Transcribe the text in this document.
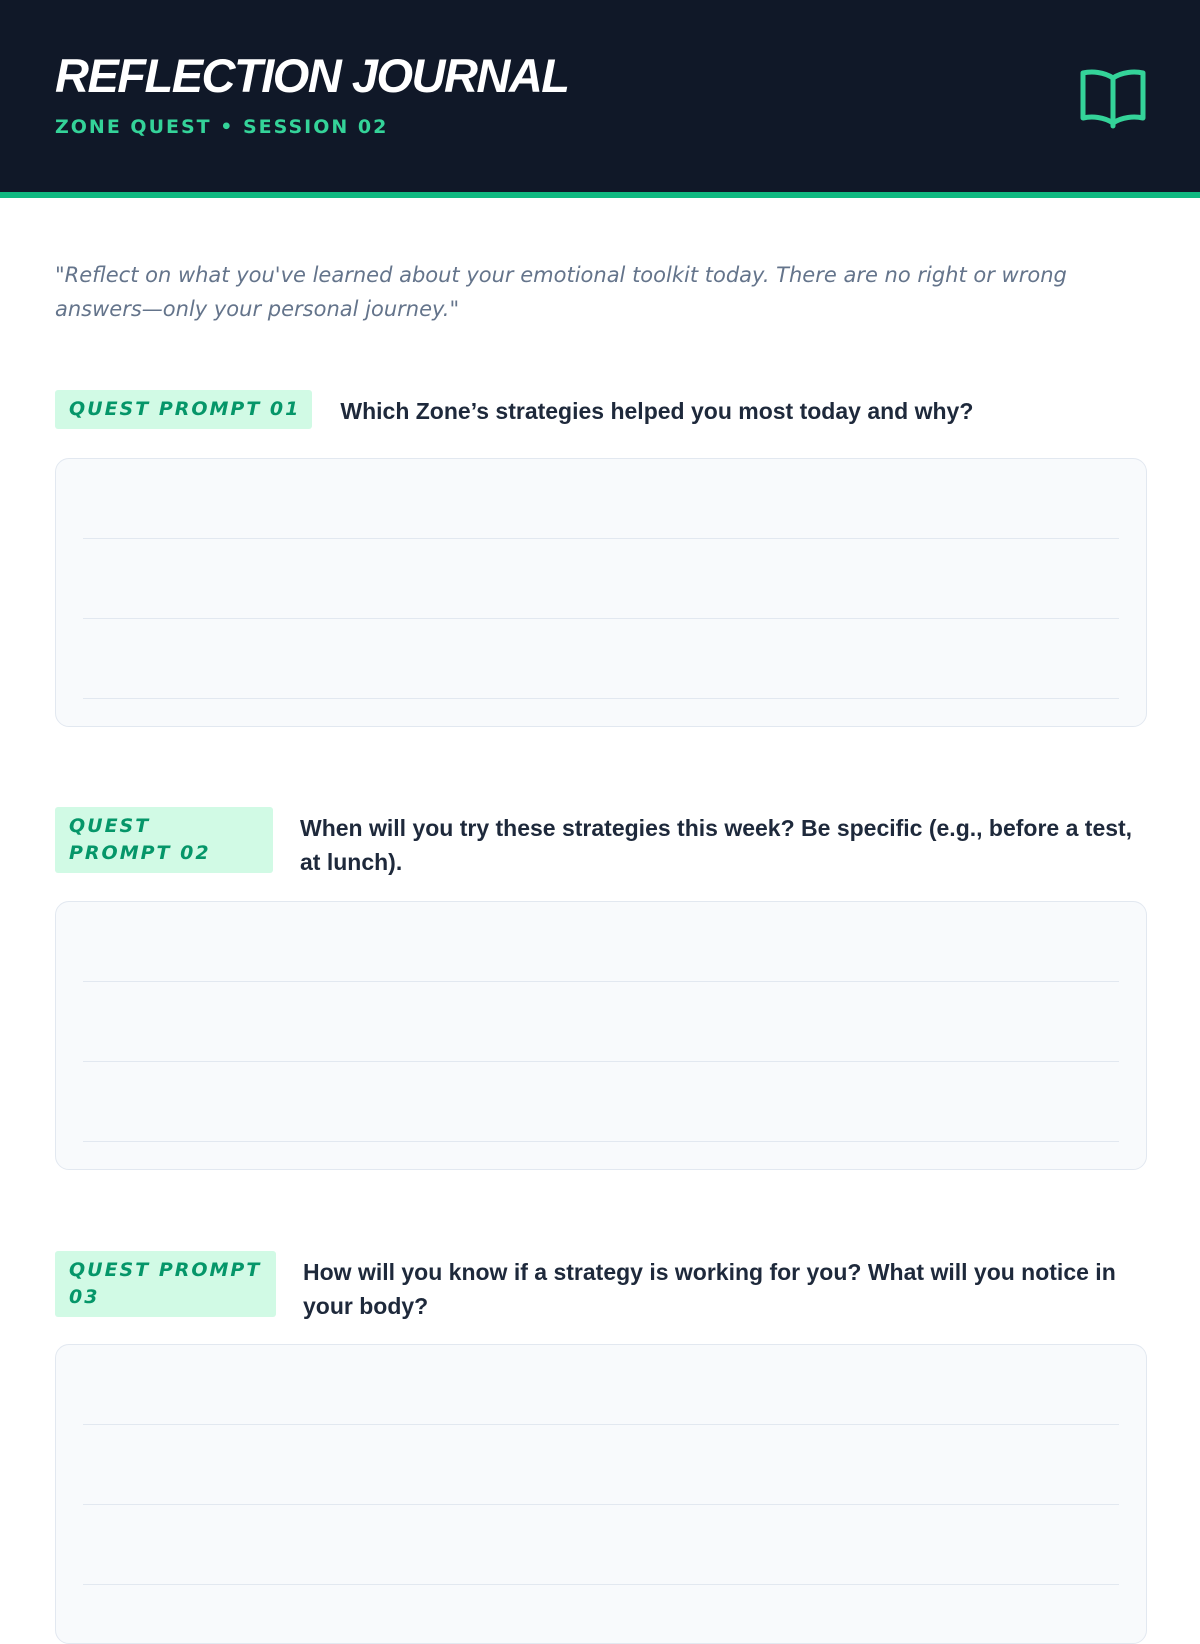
REFLECTION JOURNAL
ZONE QUEST • SESSION 02

"Reflect on what you've learned about your emotional toolkit today. There are no right or wrong answers—only your personal journey."

QUEST PROMPT 01	Which Zone’s strategies helped you most today and why?
QUEST PROMPT 02
When will you try these strategies this week? Be specific (e.g., before a test, at lunch).
QUEST PROMPT 03
How will you know if a strategy is working for you? What will you notice in your body?
